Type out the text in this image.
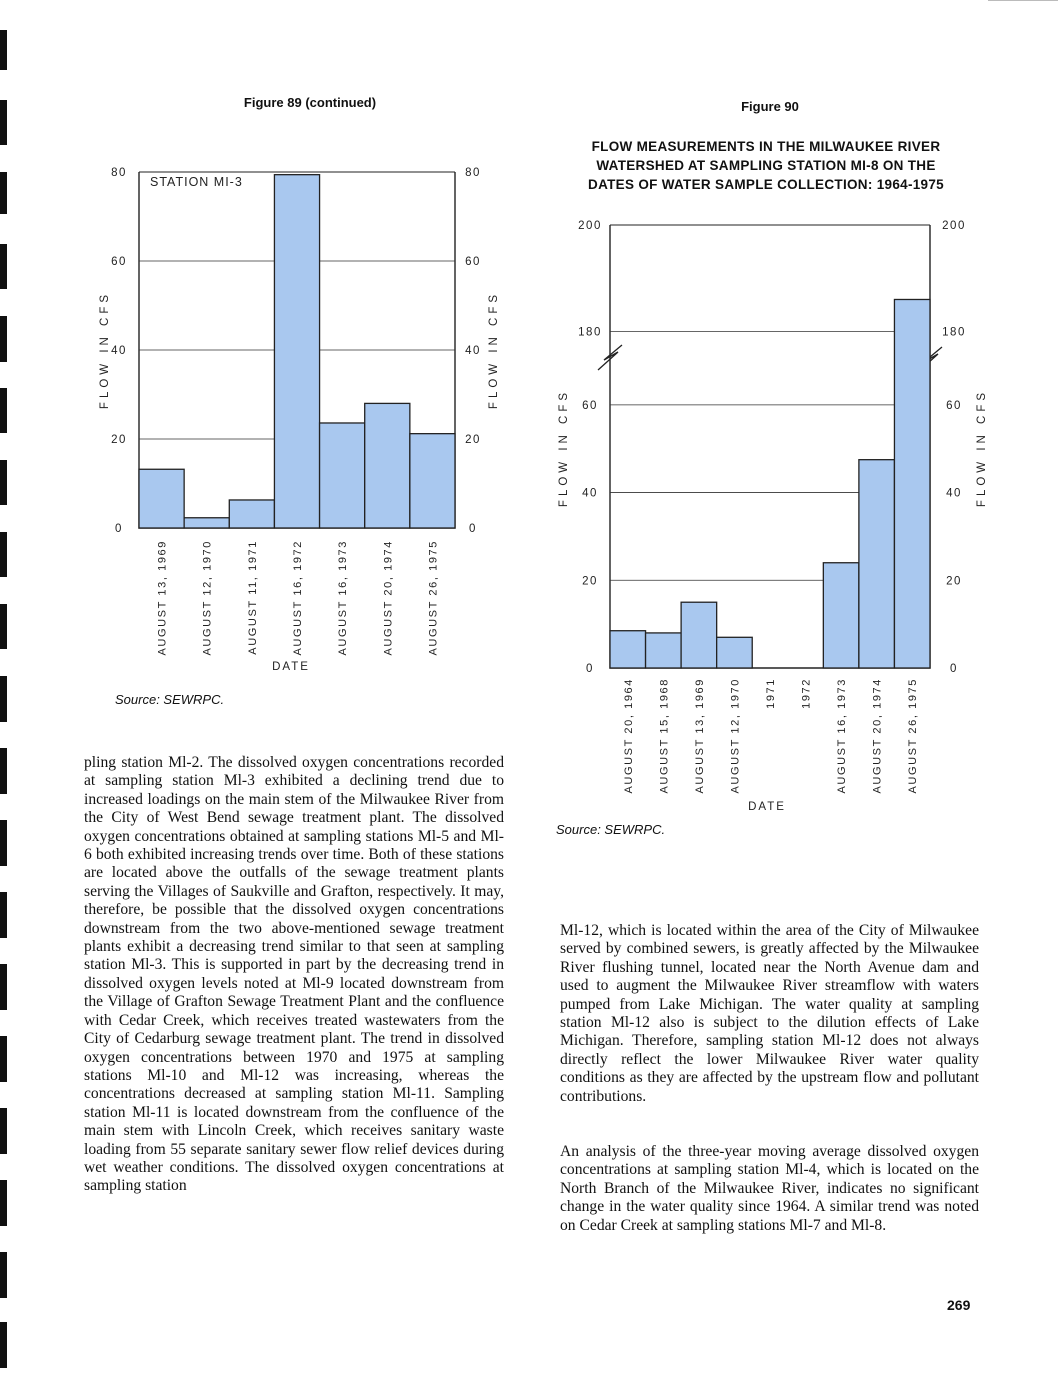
Figure 89 (continued)	Figure 90
FLOW MEASUREMENTS IN THE MILWAUKEE RIVER
WATERSHED AT SAMPLING STATION MI-8 ON THE
DATES OF WATER SAMPLE COLLECTION: 1964-1975
STATION MI-3
0	0
20	20
40	40
60	60
80	80
FLOW IN CFS	FLOW IN CFS
AUGUST 13, 1969	AUGUST 12, 1970	AUGUST 11, 1971	AUGUST 16, 1972	AUGUST 16, 1973	AUGUST 20, 1974	AUGUST 26, 1975
DATE	0	0
20	20
40	40
60	60
180	180
200	200
FLOW IN CFS	FLOW IN CFS
AUGUST 20, 1964 AUGUST 15, 1968 AUGUST 13, 1969 AUGUST 12, 1970 1971 1972 AUGUST 16, 1973 AUGUST 20, 1974 AUGUST 26, 1975
DATE
Source: SEWRPC.
Source: SEWRPC.
pling station Ml-2. The dissolved oxygen concentrations recorded at sampling station Ml-3 exhibited a declining trend due to increased loadings on the main stem of the Milwaukee River from the City of West Bend sewage treatment plant. The dissolved oxygen concentrations obtained at sampling stations Ml-5 and Ml-6 both exhibited increasing trends over time. Both of these stations are located above the outfalls of the sewage treatment plants serving the Villages of Saukville and Grafton, respectively. It may, therefore, be possible that the dissolved oxygen concentrations downstream from the two above-mentioned sewage treatment plants exhibit a decreasing trend similar to that seen at sampling station Ml-3. This is supported in part by the decreasing trend in dissolved oxygen levels noted at Ml-9 located downstream from the Village of Grafton Sewage Treatment Plant and the confluence with Cedar Creek, which receives treated wastewaters from the City of Cedarburg sewage treatment plant. The trend in dissolved oxygen concentrations between 1970 and 1975 at sampling stations Ml-10 and Ml-12 was increasing, whereas the concentrations decreased at sampling station Ml-11. Sampling station Ml-11 is located downstream from the confluence of the main stem with Lincoln Creek, which receives sanitary waste loading from 55 separate sanitary sewer flow relief devices during wet weather conditions. The dissolved oxygen concentrations at sampling station
Ml-12, which is located within the area of the City of Milwaukee served by combined sewers, is greatly affected by the Milwaukee River flushing tunnel, located near the North Avenue dam and used to augment the Milwaukee River streamflow with waters pumped from Lake Michigan. The water quality at sampling station Ml-12 also is subject to the dilution effects of Lake Michigan. Therefore, sampling station Ml-12 does not always directly reflect the lower Milwaukee River water quality conditions as they are affected by the upstream flow and pollutant contributions.
An analysis of the three-year moving average dissolved oxygen concentrations at sampling station Ml-4, which is located on the North Branch of the Milwaukee River, indicates no significant change in the water quality since 1964. A similar trend was noted on Cedar Creek at sampling stations Ml-7 and Ml-8.
269
